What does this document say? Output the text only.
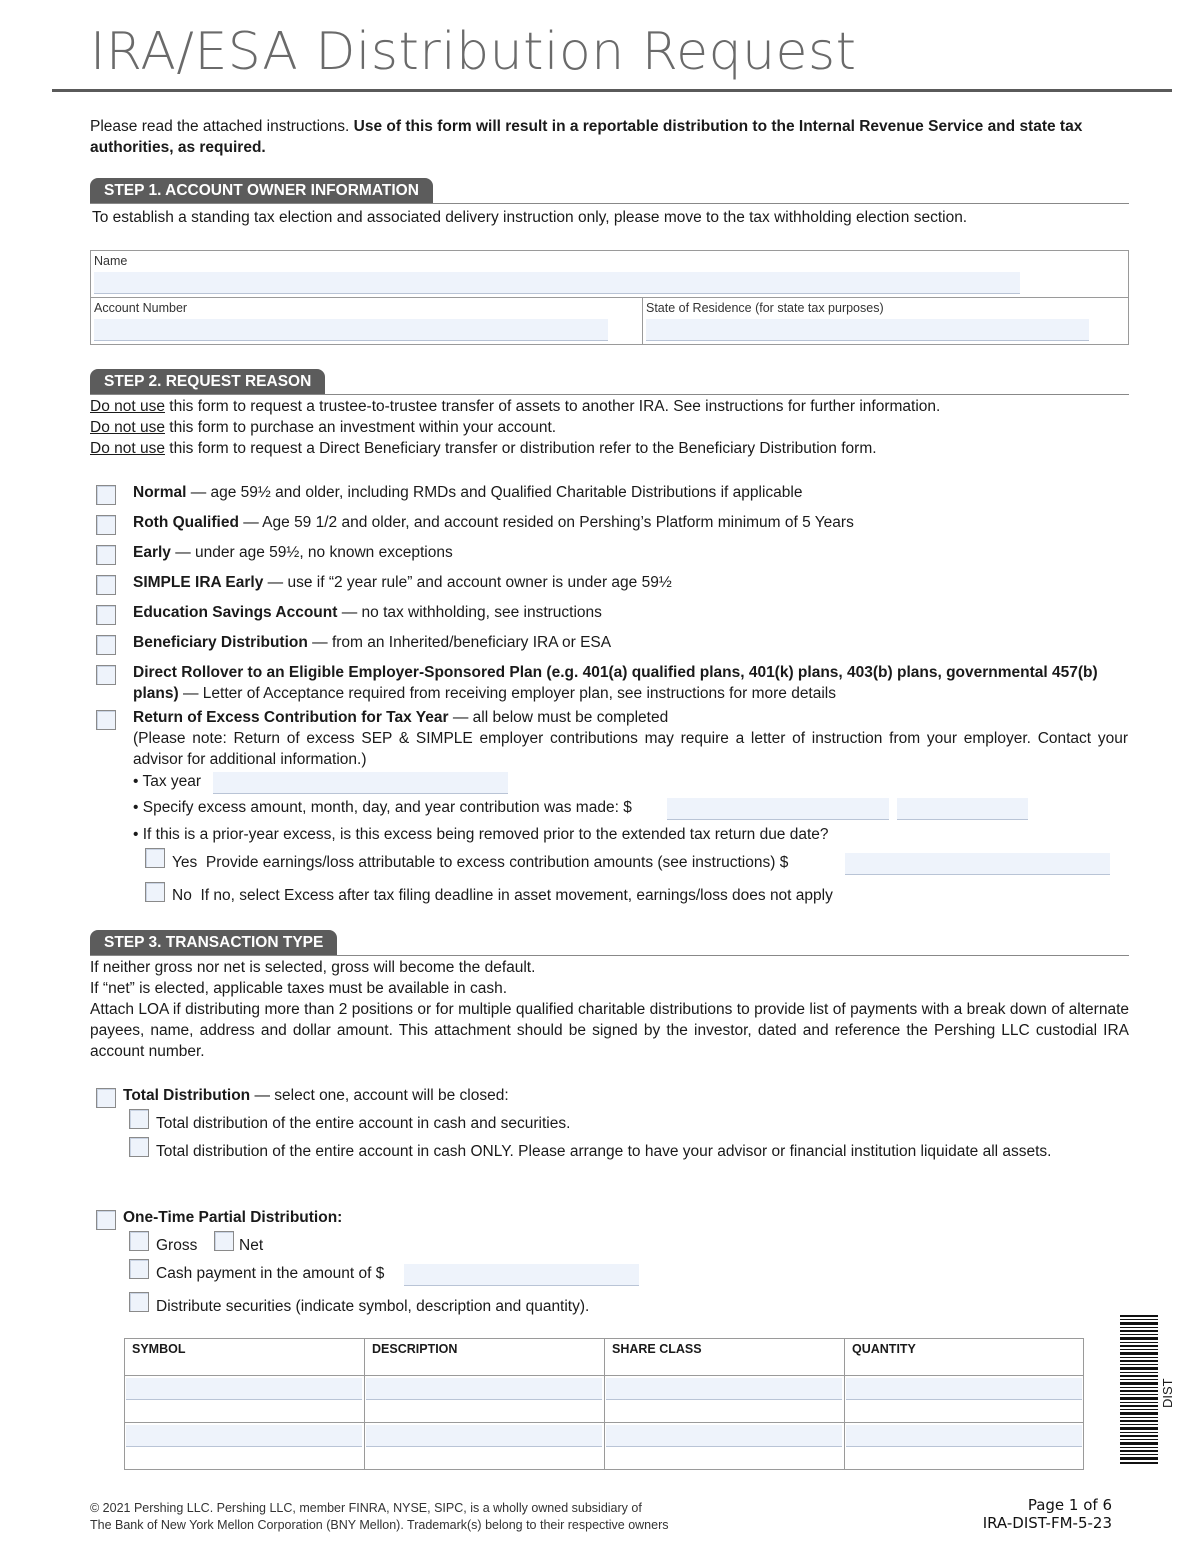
IRA/ESA Distribution Request
Please read the attached instructions. Use of this form will result in a reportable distribution to the Internal Revenue Service and state tax authorities, as required.
STEP 1. ACCOUNT OWNER INFORMATION
To establish a standing tax election and associated delivery instruction only, please move to the tax withholding election section.
Name
Account Number	State of Residence (for state tax purposes)
STEP 2. REQUEST REASON
Do not use this form to request a trustee-to-trustee transfer of assets to another IRA. See instructions for further information.
Do not use this form to purchase an investment within your account.
Do not use this form to request a Direct Beneficiary transfer or distribution refer to the Beneficiary Distribution form.
Normal — age 59½ and older, including RMDs and Qualified Charitable Distributions if applicable
Roth Qualified — Age 59 1/2 and older, and account resided on Pershing’s Platform minimum of 5 Years
Early — under age 59½, no known exceptions
SIMPLE IRA Early — use if “2 year rule” and account owner is under age 59½
Education Savings Account — no tax withholding, see instructions
Beneficiary Distribution — from an Inherited/beneficiary IRA or ESA
Direct Rollover to an Eligible Employer-Sponsored Plan (e.g. 401(a) qualified plans, 401(k) plans, 403(b) plans, governmental 457(b)
plans) — Letter of Acceptance required from receiving employer plan, see instructions for more details
Return of Excess Contribution for Tax Year — all below must be completed
(Please note: Return of excess SEP & SIMPLE employer contributions may require a letter of instruction from your employer. Contact your advisor for additional information.)
• Tax year
• Specify excess amount, month, day, and year contribution was made: $
• If this is a prior-year excess, is this excess being removed prior to the extended tax return due date?
Yes Provide earnings/loss attributable to excess contribution amounts (see instructions) $
No If no, select Excess after tax filing deadline in asset movement, earnings/loss does not apply
STEP 3. TRANSACTION TYPE
If neither gross nor net is selected, gross will become the default.
If “net” is elected, applicable taxes must be available in cash.
Attach LOA if distributing more than 2 positions or for multiple qualified charitable distributions to provide list of payments with a break down of alternate payees, name, address and dollar amount. This attachment should be signed by the investor, dated and reference the Pershing LLC custodial IRA account number.
Total Distribution — select one, account will be closed:
Total distribution of the entire account in cash and securities.
Total distribution of the entire account in cash ONLY. Please arrange to have your advisor or financial institution liquidate all assets.
One-Time Partial Distribution:
Gross	Net
Cash payment in the amount of $
Distribute securities (indicate symbol, description and quantity).
SYMBOL	DESCRIPTION	SHARE CLASS	QUANTITY
DIST
© 2021 Pershing LLC. Pershing LLC, member FINRA, NYSE, SIPC, is a wholly owned subsidiary of
The Bank of New York Mellon Corporation (BNY Mellon). Trademark(s) belong to their respective owners
Page 1 of 6
IRA-DIST-FM-5-23
